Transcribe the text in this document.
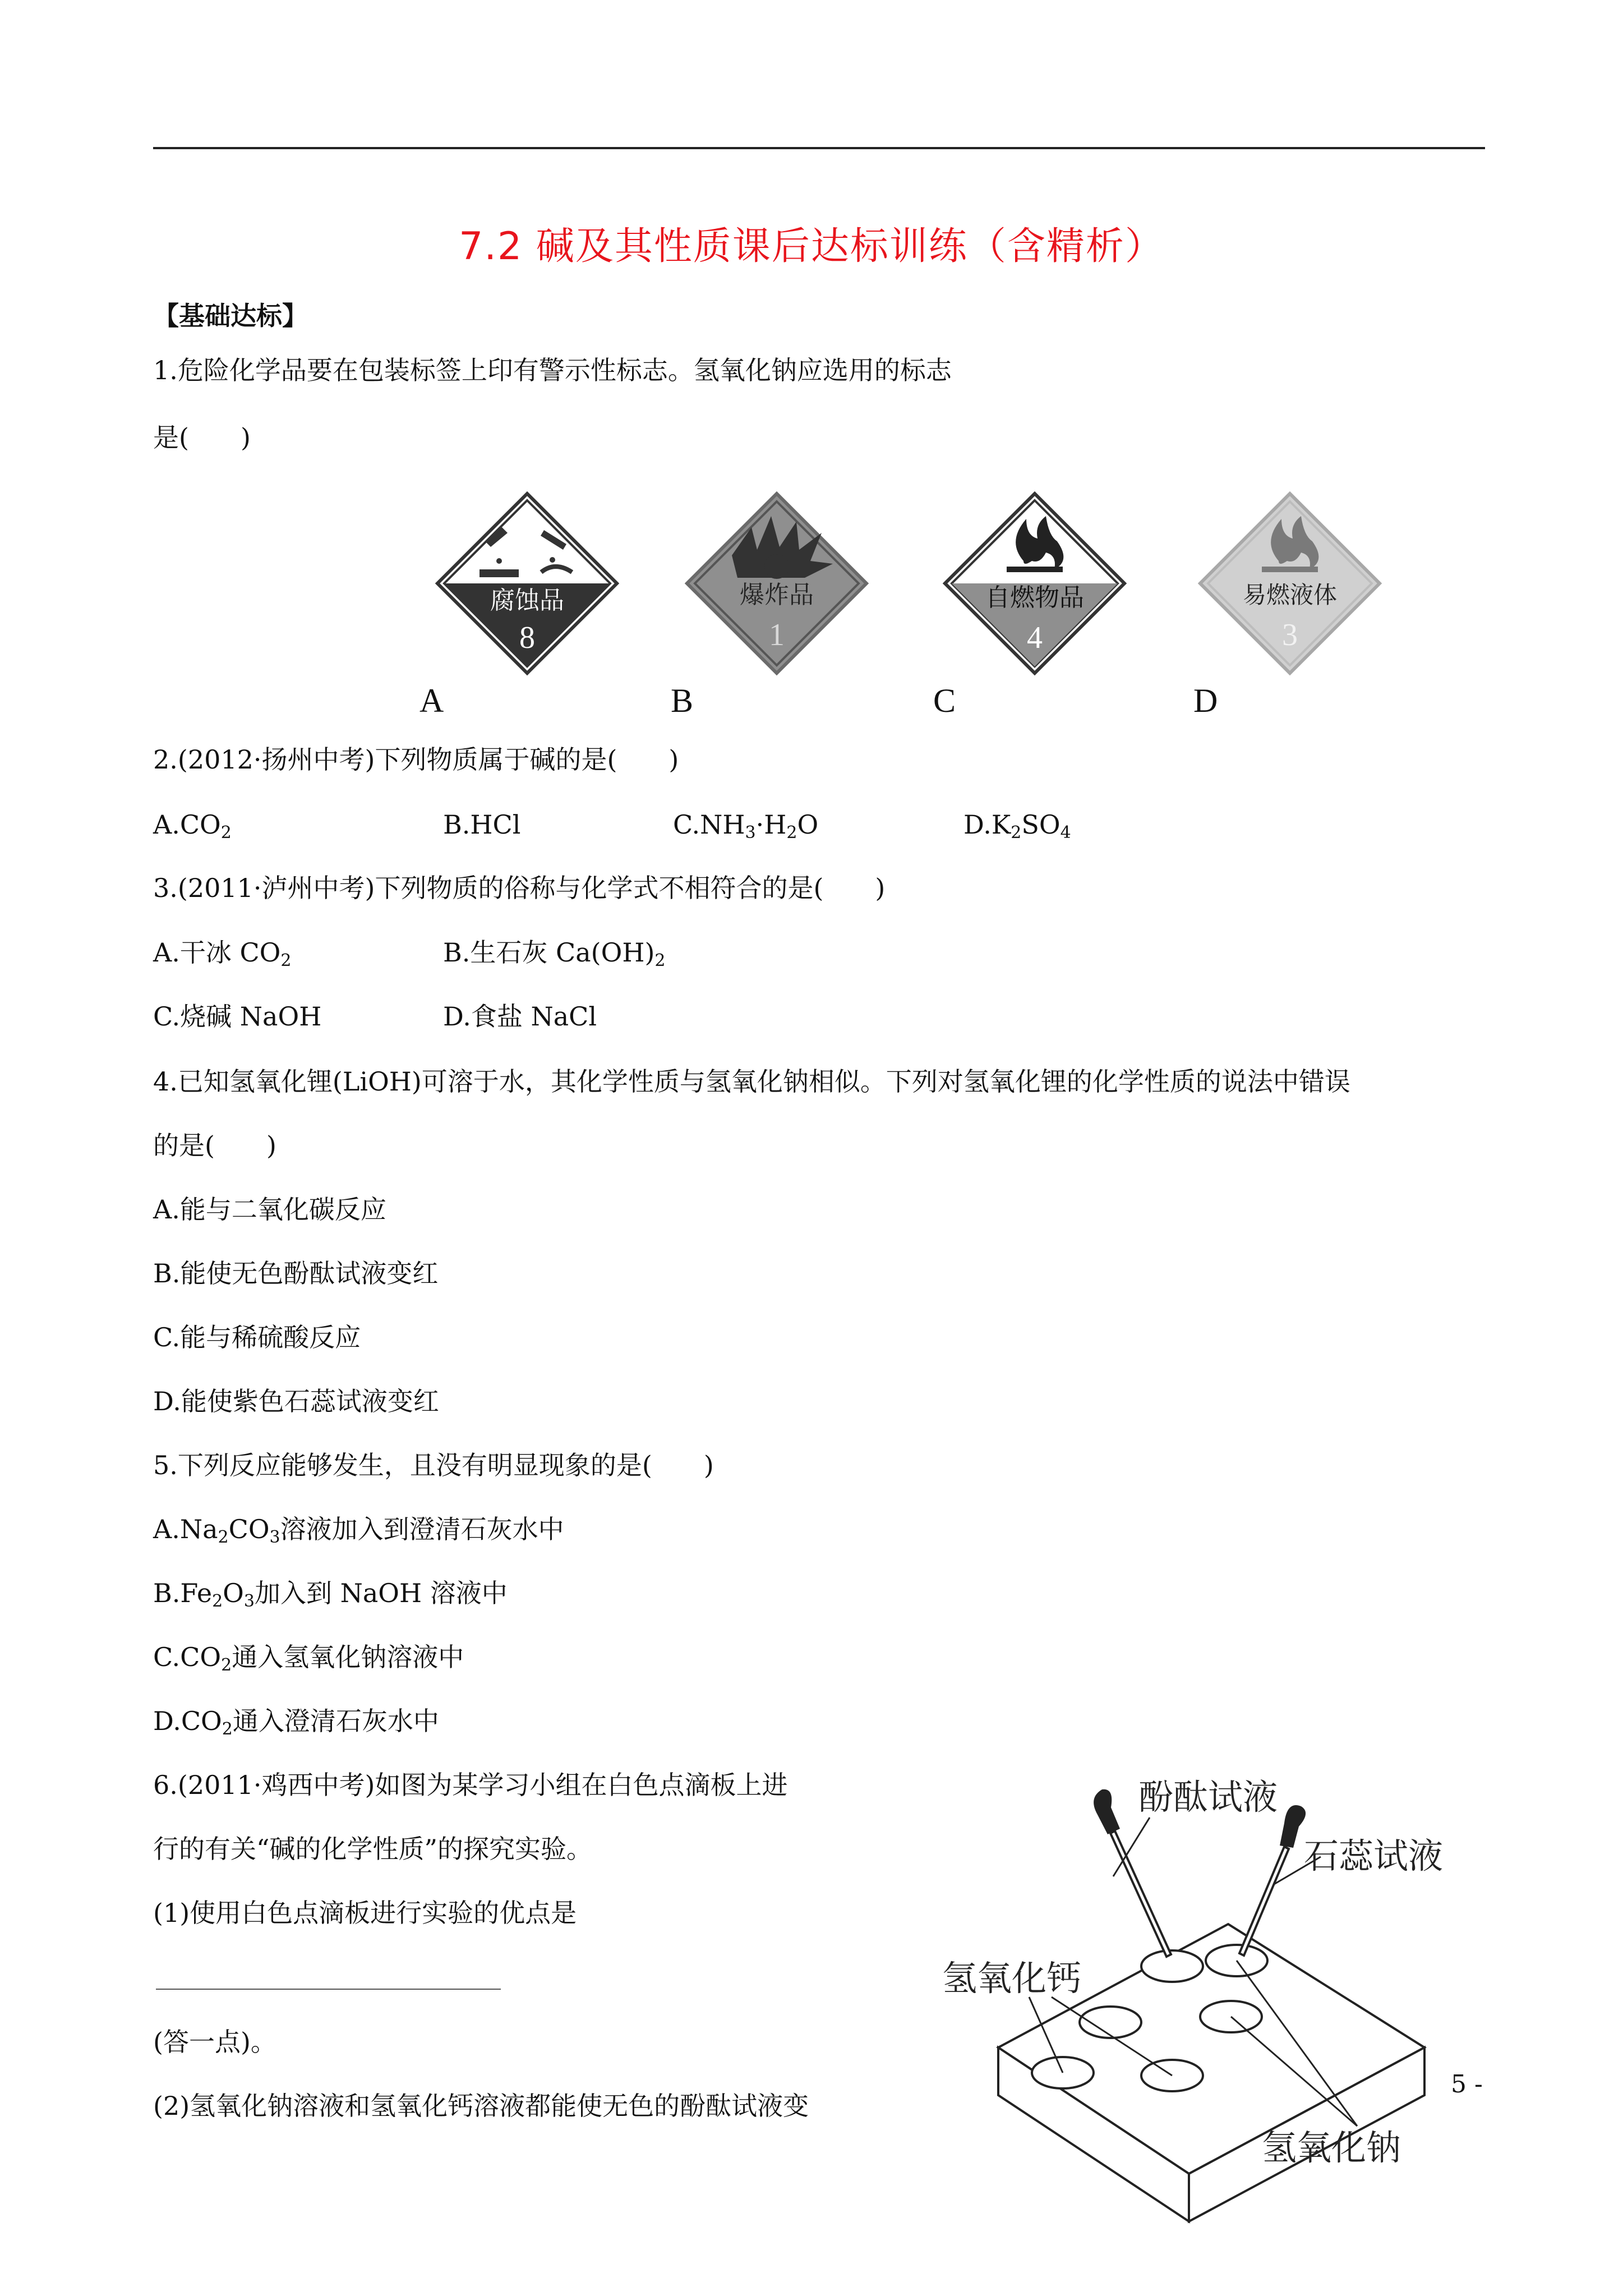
7.2 碱及其性质课后达标训练（含精析）
【基础达标】
1.危险化学品要在包装标签上印有警示性标志。氢氧化钠应选用的标志
是(　　)
腐蚀品
8
爆炸品
1
自燃物品
4
易燃液体
3
A	B	C	D
2.(2012·扬州中考)下列物质属于碱的是(　　)
$A.CO_2$	B.HCl	$C.NH_3\cdot H_2O$	$D.K_2SO_4$
3.(2011·泸州中考)下列物质的俗称与化学式不相符合的是(　　)
A.干冰 $CO_2$	B.生石灰 $Ca(OH)_2$
C.烧碱 NaOH	D.食盐 NaCl
4.已知氢氧化锂(LiOH)可溶于水，其化学性质与氢氧化钠相似。下列对氢氧化锂的化学性质的说法中错误
的是(　　)
A.能与二氧化碳反应
B.能使无色酚酞试液变红
C.能与稀硫酸反应
D.能使紫色石蕊试液变红
5.下列反应能够发生，且没有明显现象的是(　　)
$A.Na_2CO_3$溶液加入到澄清石灰水中
$B.Fe_2O_3$加入到 NaOH 溶液中
$C.CO_2$通入氢氧化钠溶液中
$D.CO_2$通入澄清石灰水中
6.(2011·鸡西中考)如图为某学习小组在白色点滴板上进
行的有关“碱的化学性质”的探究实验。
(1)使用白色点滴板进行实验的优点是
(答一点)。
(2)氢氧化钠溶液和氢氧化钙溶液都能使无色的酚酞试液变
酚酞试液
石蕊试液
氢氧化钙
氢氧化钠
5 -
